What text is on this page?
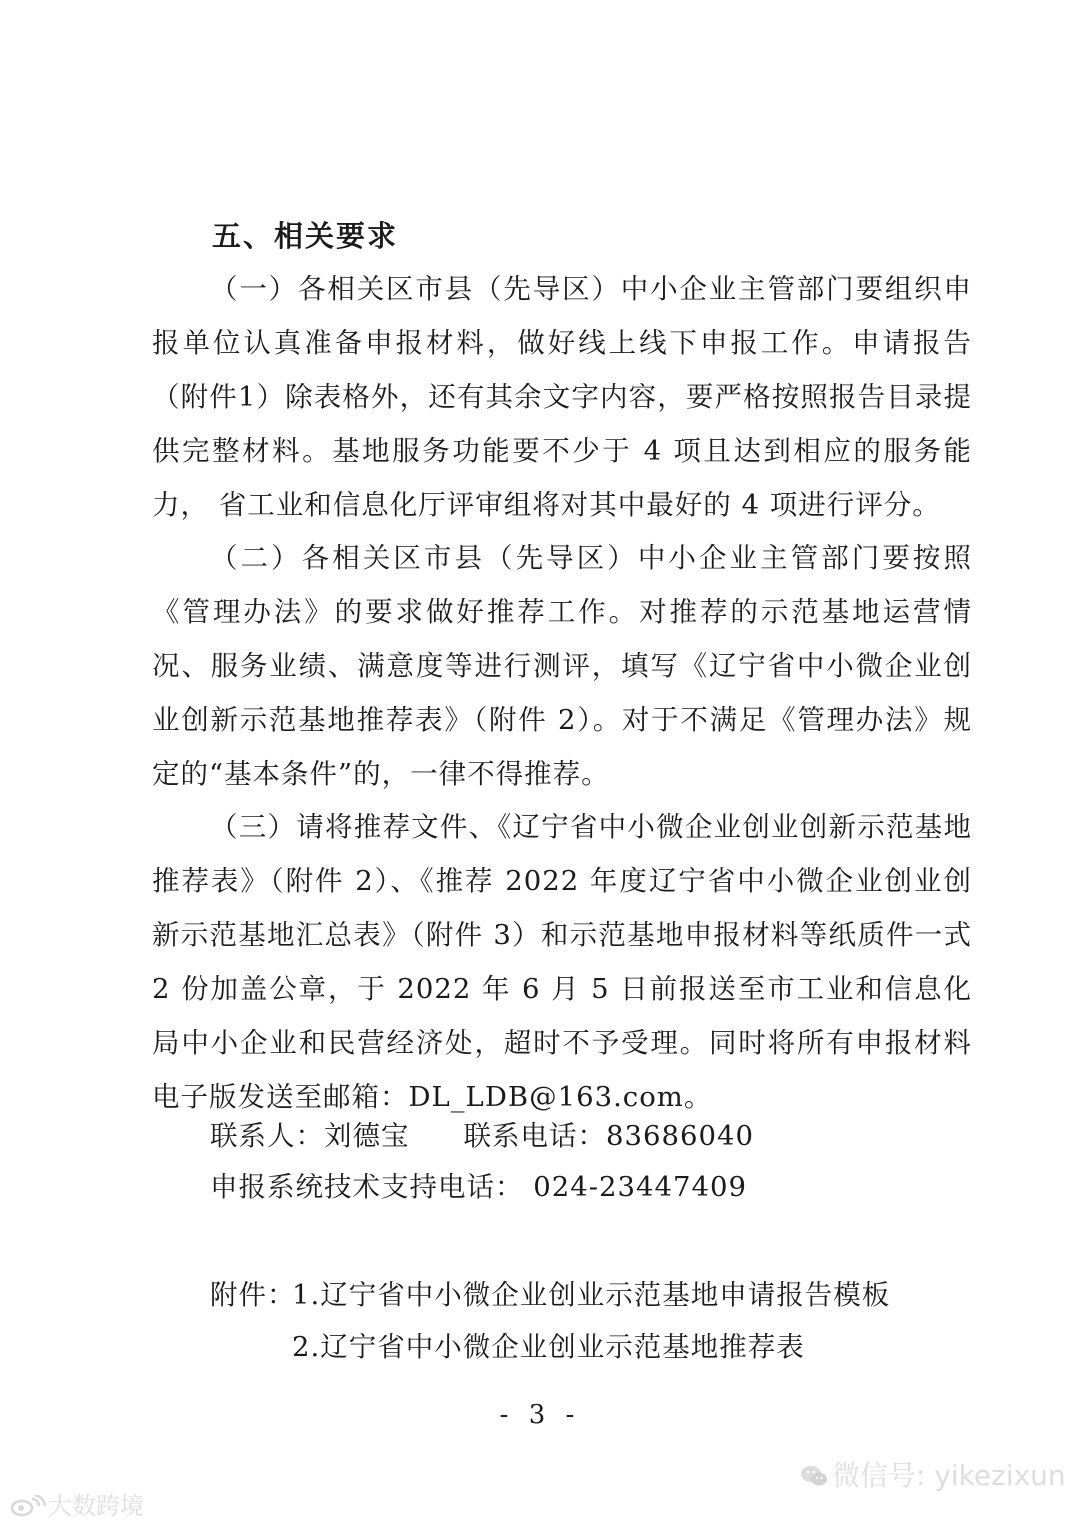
五、相关要求

（一）各相关区市县（先导区）中小企业主管部门要组织申报单位认真准备申报材料，做好线上线下申报工作。申请报告（附件1）除表格外，还有其余文字内容，要严格按照报告目录提供完整材料。基地服务功能要不少于 4 项且达到相应的服务能力， 省工业和信息化厅评审组将对其中最好的 4 项进行评分。

（二）各相关区市县（先导区）中小企业主管部门要按照《管理办法》的要求做好推荐工作。对推荐的示范基地运营情况、服务业绩、满意度等进行测评，填写《辽宁省中小微企业创业创新示范基地推荐表》（附件 2）。对于不满足《管理办法》规定的“基本条件”的，一律不得推荐。

（三）请将推荐文件、《辽宁省中小微企业创业创新示范基地推荐表》（附件 2）、《推荐 2022 年度辽宁省中小微企业创业创新示范基地汇总表》（附件 3）和示范基地申报材料等纸质件一式 2 份加盖公章，于 2022 年 6 月 5 日前报送至市工业和信息化局中小企业和民营经济处，超时不予受理。同时将所有申报材料电子版发送至邮箱：DL_LDB@163.com。

联系人：刘德宝 联系电话：83686040
申报系统技术支持电话： 024-23447409
附件：
1.辽宁省中小微企业创业示范基地申请报告模板
2.辽宁省中小微企业创业示范基地推荐表
- 3 -
微信号: yikezixun
大数跨境
